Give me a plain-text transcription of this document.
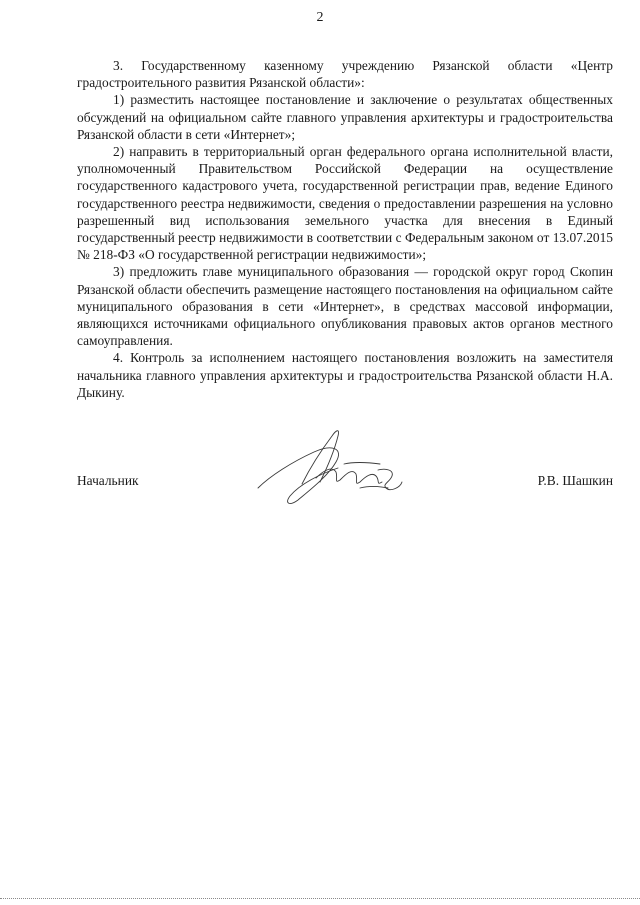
2

3. Государственному казенному учреждению Рязанской области «Центр градостроительного развития Рязанской области»:

1) разместить настоящее постановление и заключение о результатах общественных обсуждений на официальном сайте главного управления архитектуры и градостроительства Рязанской области в сети «Интернет»;

2) направить в территориальный орган федерального органа исполнительной власти, уполномоченный Правительством Российской Федерации на осуществление государственного кадастрового учета, государственной регистрации прав, ведение Единого государственного реестра недвижимости, сведения о предоставлении разрешения на условно разрешенный вид использования земельного участка для внесения в Единый государственный реестр недвижимости в соответствии с Федеральным законом от 13.07.2015 № 218-ФЗ «О государственной регистрации недвижимости»;

3) предложить главе муниципального образования — городской округ город Скопин Рязанской области обеспечить размещение настоящего постановления на официальном сайте муниципального образования в сети «Интернет», в средствах массовой информации, являющихся источниками официального опубликования правовых актов органов местного самоуправления.

4. Контроль за исполнением настоящего постановления возложить на заместителя начальника главного управления архитектуры и градостроительства Рязанской области Н.А. Дыкину.

Начальник	Р.В. Шашкин
